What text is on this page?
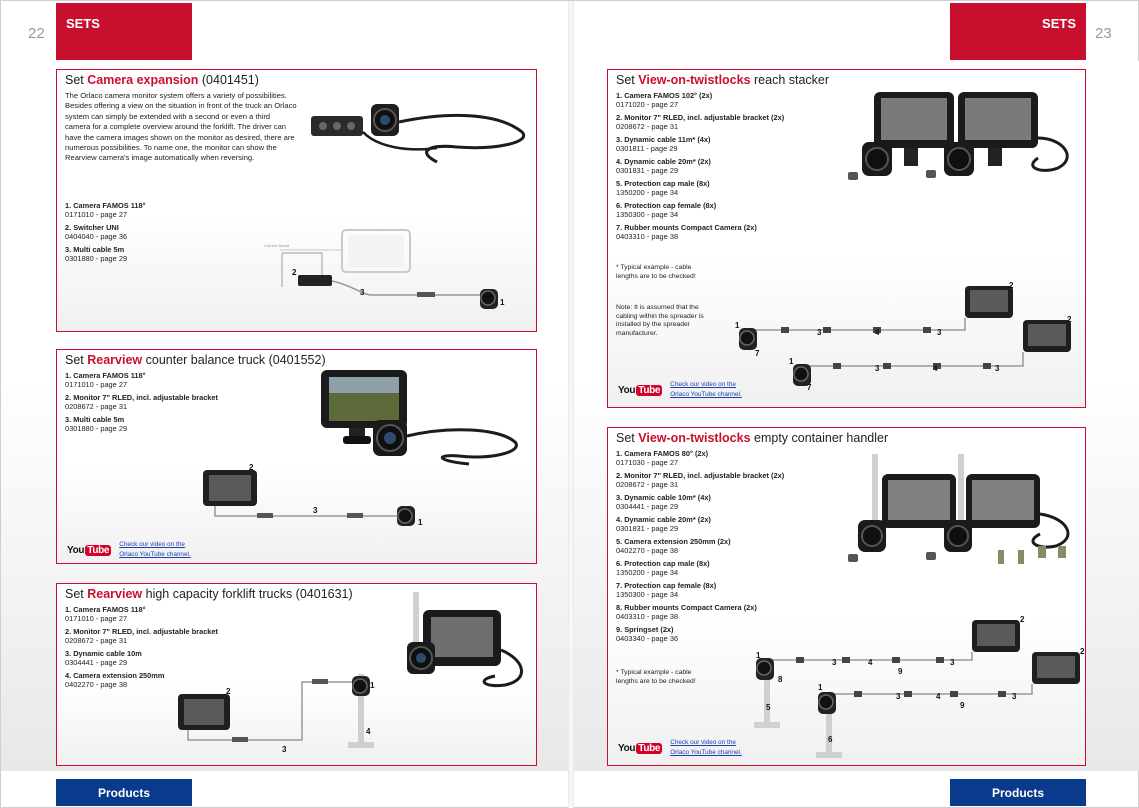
22
SETS	SETS
23
Set Camera expansion (0401451)
The Orlaco camera monitor system offers a variety of possibilities. Besides offering a view on the situation in front of the truck an Orlaco system can simply be extended with a second or even a third camera for a complete overview around the forklift. The driver can have the camera images shown on the monitor as desired, there are numerous possibilities. To name one, the monitor can show the Rearview camera's image automatically when reversing.
1. Camera FAMOS 118°
0171010 - page 27
2. Switcher UNI
0404040 - page 36
3. Multi cable 5m
0301880 - page 29
Current Board
2
3
1
Set Rearview counter balance truck (0401552)
1. Camera FAMOS 118°
0171010 - page 27
2. Monitor 7" RLED, incl. adjustable bracket
0208672 - page 31
3. Multi cable 5m
0301880 - page 29
2
3
1
You Tube	Check our video on the
Orlaco YouTube channel.
Set Rearview high capacity forklift trucks (0401631)
1. Camera FAMOS 118°
0171010 - page 27
2. Monitor 7" RLED, incl. adjustable bracket
0208672 - page 31
3. Dynamic cable 10m
0304441 - page 29
4. Camera extension 250mm
0402270 - page 38
2
3
1
4
Set View-on-twistlocks reach stacker
1. Camera FAMOS 102° (2x)
0171020 - page 27
2. Monitor 7" RLED, incl. adjustable bracket (2x)
0208672 - page 31
3. Dynamic cable 11m* (4x)
0301811 - page 29
4. Dynamic cable 20m* (2x)
0301831 - page 29
5. Protection cap male (8x)
1350200 - page 34
6. Protection cap female (8x)
1350300 - page 34
7. Rubber mounts Compact Camera (2x)
0403310 - page 38
* Typical example - cable lengths are to be checked!
Note: It is assumed that the cabling within the spreader is installed by the spreader manufacturer.
1
7
3	4	3
2
2
1
7
3	4	3
You Tube	Check our video on the
Orlaco YouTube channel.
Set View-on-twistlocks empty container handler
1. Camera FAMOS 80° (2x)
0171030 - page 27
2. Monitor 7" RLED, incl. adjustable bracket (2x)
0208672 - page 31
3. Dynamic cable 10m* (4x)
0304441 - page 29
4. Dynamic cable 20m* (2x)
0301831 - page 29
5. Camera extension 250mm (2x)
0402270 - page 38
6. Protection cap male (8x)
1350200 - page 34
7. Protection cap female (8x)
1350300 - page 34
8. Rubber mounts Compact Camera (2x)
0403310 - page 38
9. Springset (2x)
0403340 - page 36
* Typical example - cable lengths are to be checked!
1
8
5
3	4
9
3
2
2
1
6
3	4
9
3
You Tube	Check our video on the
Orlaco YouTube channel.
Products	Products
